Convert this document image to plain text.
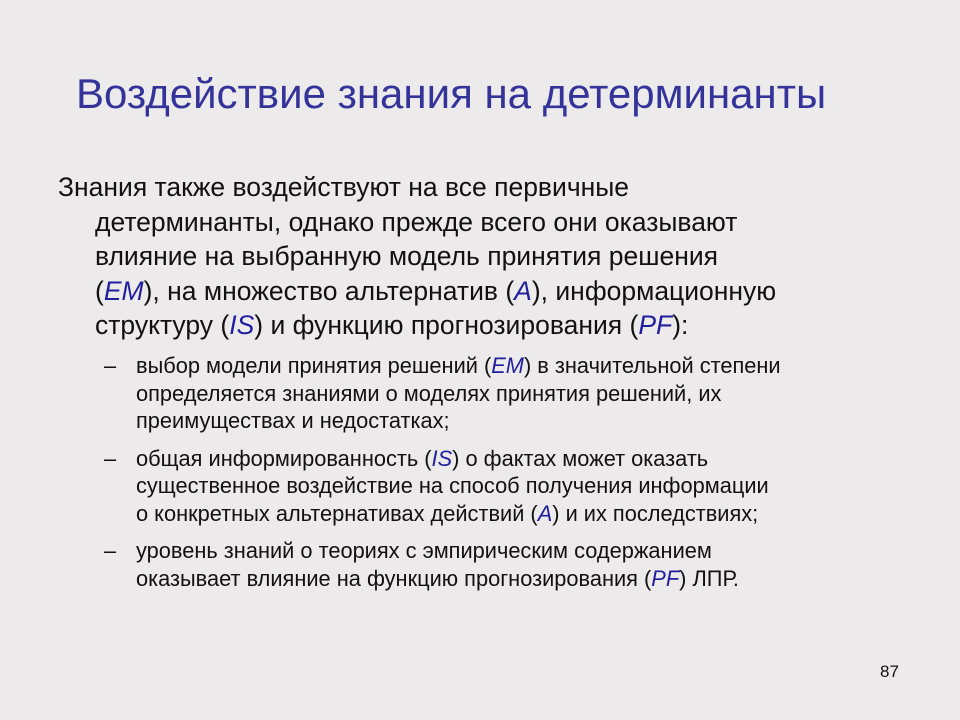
Воздействие знания на детерминанты
Знания также воздействуют на все первичные
детерминанты, однако прежде всего они оказывают
влияние на выбранную модель принятия решения
(EM), на множество альтернатив (A), информационную
структуру (IS) и функцию прогнозирования (PF):
– выбор модели принятия решений (EM) в значительной степени
определяется знаниями о моделях принятия решений, их
преимуществах и недостатках;
– общая информированность (IS) о фактах может оказать
существенное воздействие на способ получения информации
о конкретных альтернативах действий (A) и их последствиях;
– уровень знаний о теориях с эмпирическим содержанием
оказывает влияние на функцию прогнозирования (PF) ЛПР.
87
